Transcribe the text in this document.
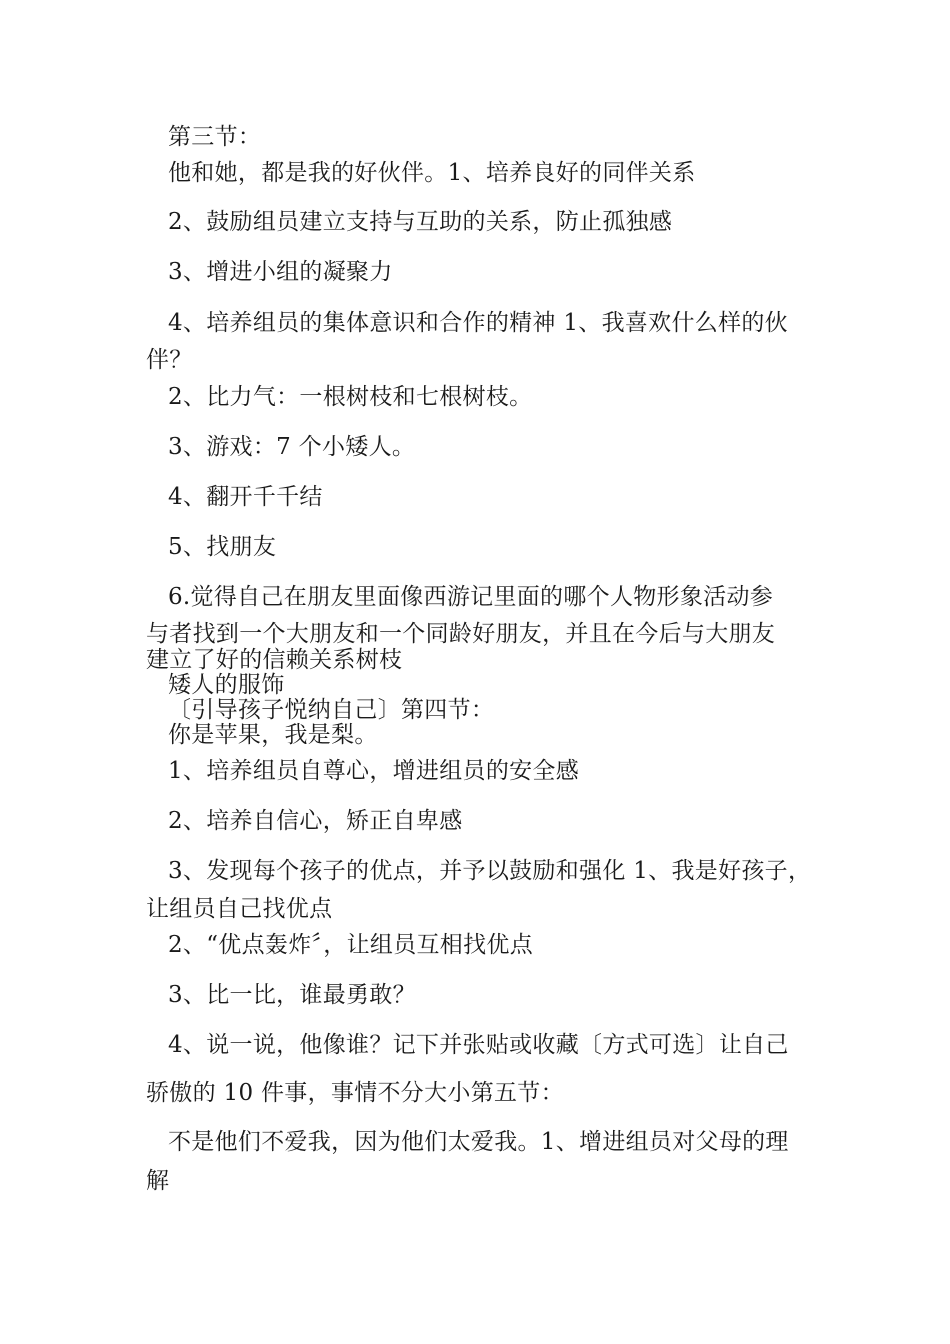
第三节：
他和她，都是我的好伙伴。1、培养良好的同伴关系
2、鼓励组员建立支持与互助的关系，防止孤独感
3、增进小组的凝聚力
4、培养组员的集体意识和合作的精神 1、我喜欢什么样的伙
伴？
2、比力气：一根树枝和七根树枝。
3、游戏：7 个小矮人。
4、翻开千千结
5、找朋友
6.觉得自己在朋友里面像西游记里面的哪个人物形象活动参
与者找到一个大朋友和一个同龄好朋友，并且在今后与大朋友
建立了好的信赖关系树枝
矮人的服饰
〔引导孩子悦纳自己〕第四节：
你是苹果，我是梨。
1、培养组员自尊心，增进组员的安全感
2、培养自信心，矫正自卑感
3、发现每个孩子的优点，并予以鼓励和强化 1、我是好孩子，
让组员自己找优点
2、“优点轰炸〞，让组员互相找优点
3、比一比，谁最勇敢？
4、说一说，他像谁？记下并张贴或收藏〔方式可选〕让自己
骄傲的 10 件事，事情不分大小第五节：
不是他们不爱我，因为他们太爱我。1、增进组员对父母的理
解
